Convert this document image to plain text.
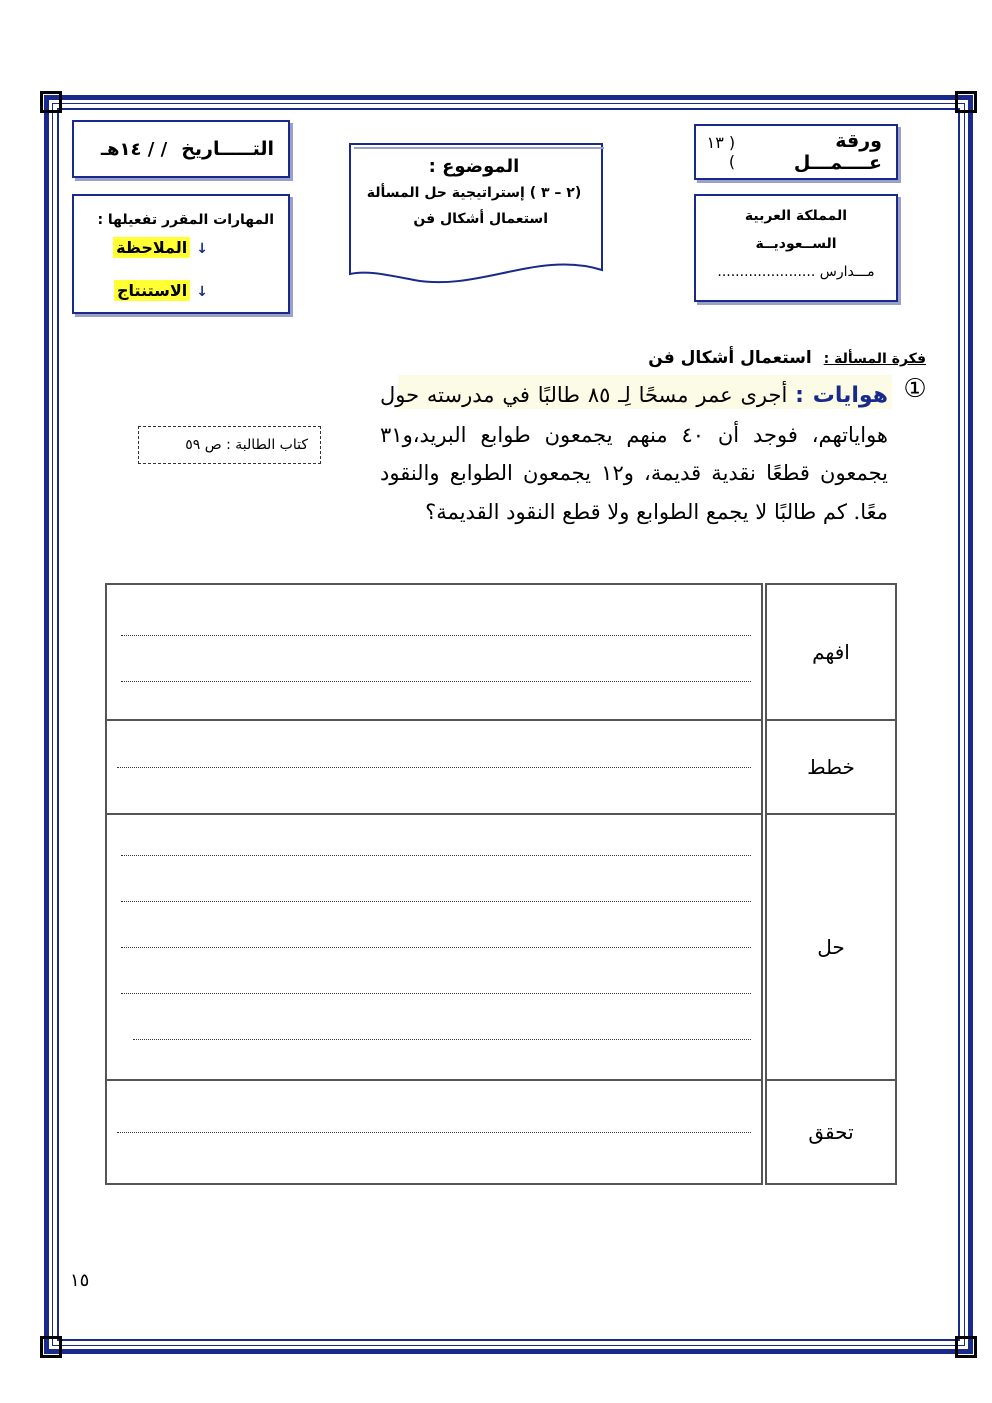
ورقة عــــمـــل
( ١٣ )
التـــــاريخ
/ / ١٤هـ
الموضوع :
(٢ – ٣ ) إستراتيجية حل المسألة
استعمال أشكال فن	المملكة العربية
الســعوديــة
مـــدارس ......................
المهارات المقرر تفعيلها :
↓الملاحظة
↓الاستنتاج
فكرة المسألة : استعمال أشكال فن
①
هوايات : أجرى عمر مسحًا لِـ ٨٥ طالبًا في مدرسته حول هواياتهم، فوجد أن ٤٠ منهم يجمعون طوابع البريد،و٣١ يجمعون قطعًا نقدية قديمة، و١٢ يجمعون الطوابع والنقود معًا. كم طالبًا لا يجمع الطوابع ولا قطع النقود القديمة؟
كتاب الطالبة : ص ٥٩
افهم	

خطط	

حل	

تحقق	
١٥
